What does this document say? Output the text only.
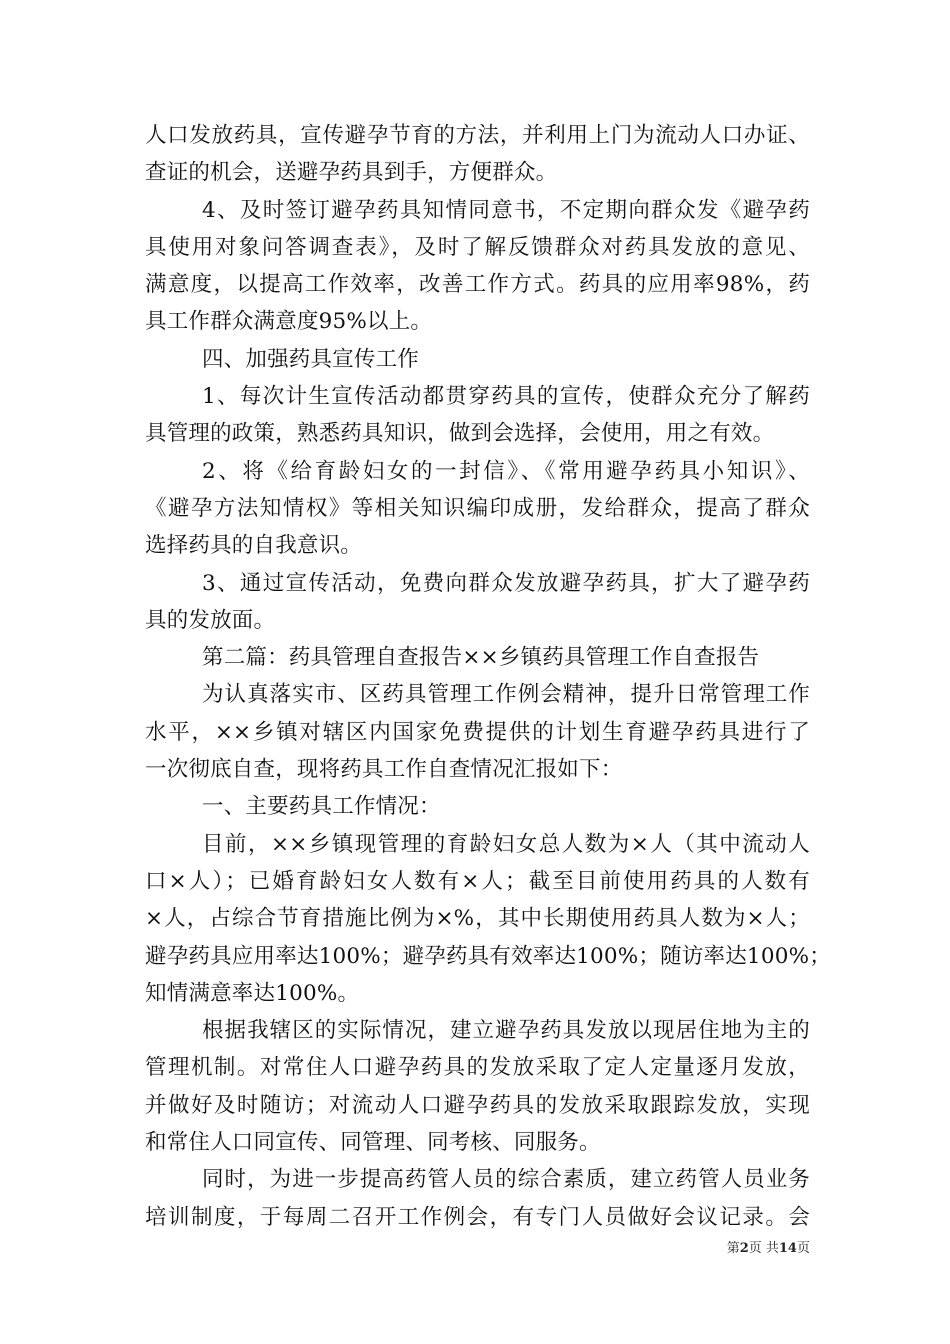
人口发放药具，宣传避孕节育的方法，并利用上门为流动人口办证、
查证的机会，送避孕药具到手，方便群众。
4、及时签订避孕药具知情同意书，不定期向群众发《避孕药
具使用对象问答调查表》，及时了解反馈群众对药具发放的意见、
满意度，以提高工作效率，改善工作方式。药具的应用率98%，药
具工作群众满意度95%以上。
四、加强药具宣传工作
1、每次计生宣传活动都贯穿药具的宣传，使群众充分了解药
具管理的政策，熟悉药具知识，做到会选择，会使用，用之有效。
2、将《给育龄妇女的一封信》、《常用避孕药具小知识》、
《避孕方法知情权》等相关知识编印成册，发给群众，提高了群众
选择药具的自我意识。
3、通过宣传活动，免费向群众发放避孕药具，扩大了避孕药
具的发放面。
第二篇：药具管理自查报告××乡镇药具管理工作自查报告
为认真落实市、区药具管理工作例会精神，提升日常管理工作
水平，××乡镇对辖区内国家免费提供的计划生育避孕药具进行了
一次彻底自查，现将药具工作自查情况汇报如下：
一、主要药具工作情况：
目前，××乡镇现管理的育龄妇女总人数为×人（其中流动人
口×人）；已婚育龄妇女人数有×人；截至目前使用药具的人数有
×人，占综合节育措施比例为×%，其中长期使用药具人数为×人；
避孕药具应用率达100%；避孕药具有效率达100%；随访率达100%；
知情满意率达100%。
根据我辖区的实际情况，建立避孕药具发放以现居住地为主的
管理机制。对常住人口避孕药具的发放采取了定人定量逐月发放，
并做好及时随访；对流动人口避孕药具的发放采取跟踪发放，实现
和常住人口同宣传、同管理、同考核、同服务。
同时，为进一步提高药管人员的综合素质，建立药管人员业务
培训制度，于每周二召开工作例会，有专门人员做好会议记录。会
第2页 共14页
